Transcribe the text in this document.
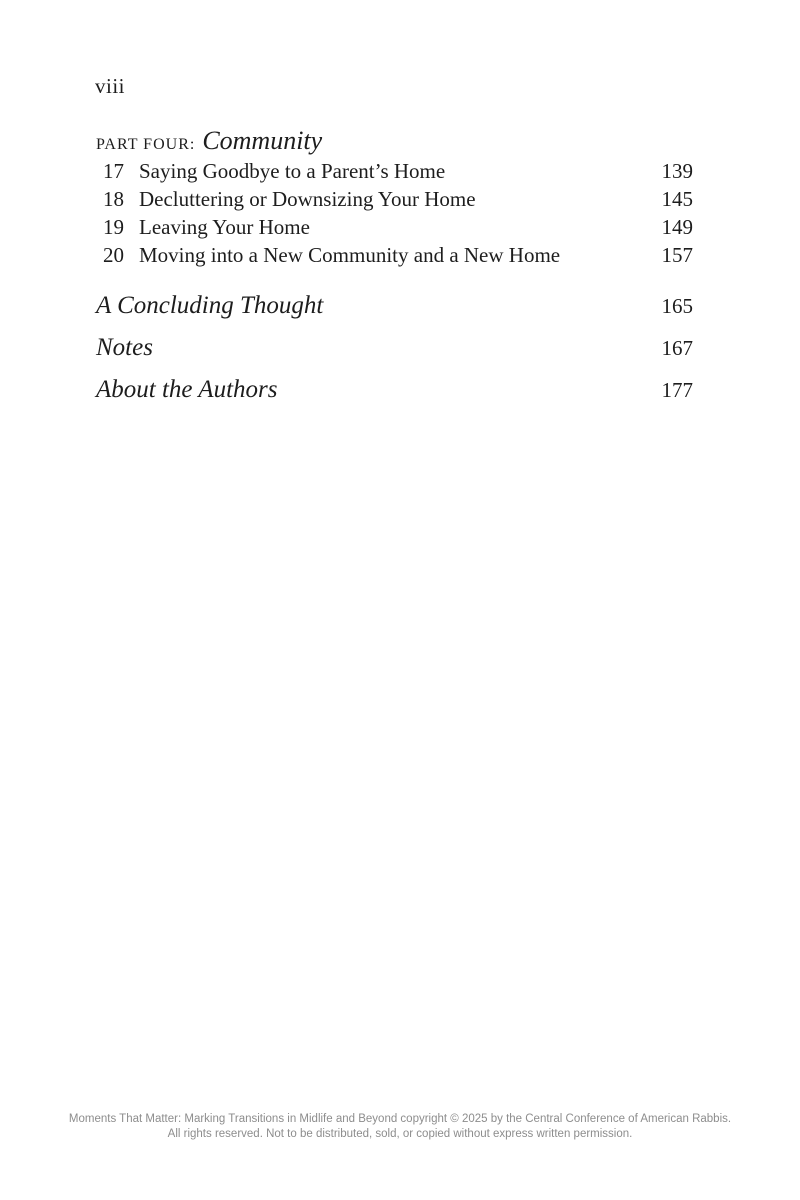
viii
PART FOUR: Community
17 Saying Goodbye to a Parent’s Home	139
18 Decluttering or Downsizing Your Home	145
19 Leaving Your Home	149
20 Moving into a New Community and a New Home	157
A Concluding Thought	165
Notes	167
About the Authors	177
Moments That Matter: Marking Transitions in Midlife and Beyond copyright © 2025 by the Central Conference of American Rabbis.
All rights reserved. Not to be distributed, sold, or copied without express written permission.
